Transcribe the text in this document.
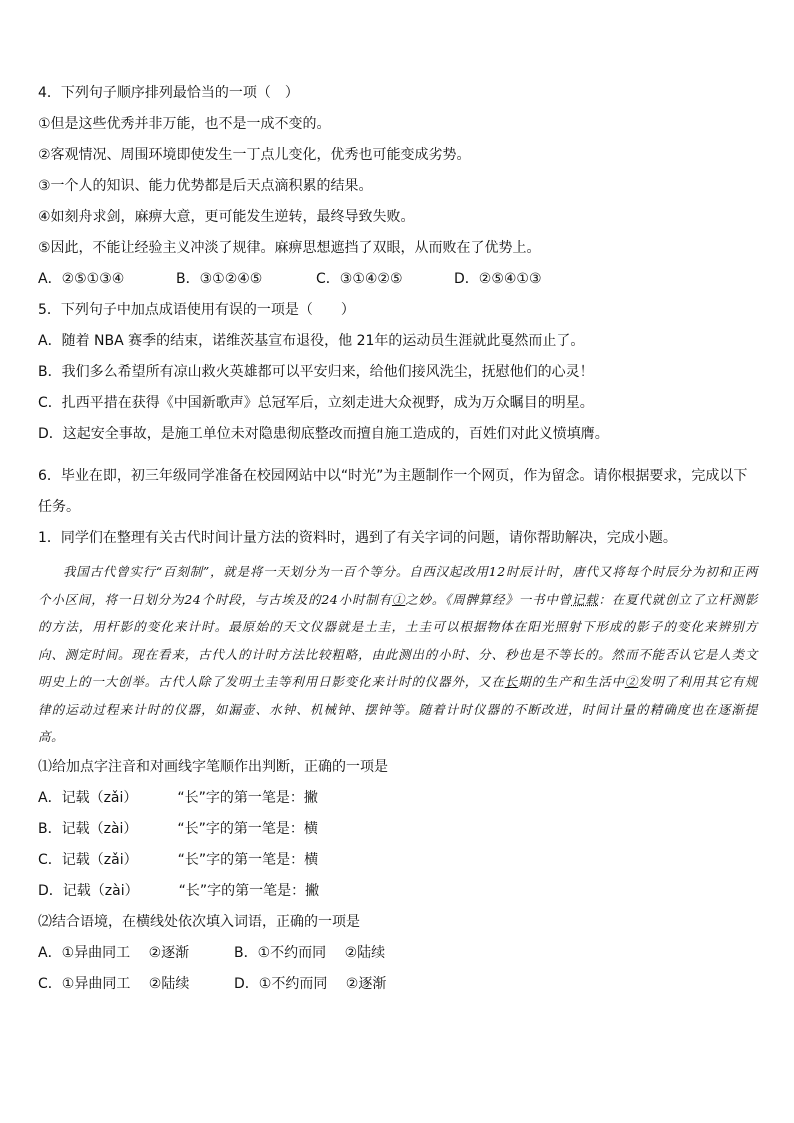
4．下列句子顺序排列最恰当的一项（　）
①但是这些优秀并非万能，也不是一成不变的。
②客观情况、周围环境即使发生一丁点儿变化，优秀也可能变成劣势。
③一个人的知识、能力优势都是后天点滴积累的结果。
④如刻舟求剑，麻痹大意，更可能发生逆转，最终导致失败。
⑤因此，不能让经验主义冲淡了规律。麻痹思想遮挡了双眼，从而败在了优势上。
A．②⑤①③④	B．③①②④⑤	C．③①④②⑤	D．②⑤④①③
5．下列句子中加点成语使用有误的一项是（　　）
A．随着 NBA 赛季的结束，诺维茨基宣布退役，他 21年的运动员生涯就此戛然而止了。
B．我们多么希望所有凉山救火英雄都可以平安归来，给他们接风洗尘，抚慰他们的心灵！
C．扎西平措在获得《中国新歌声》总冠军后，立刻走进大众视野，成为万众瞩目的明星。
D．这起安全事故，是施工单位未对隐患彻底整改而擅自施工造成的，百姓们对此义愤填膺。
6．毕业在即，初三年级同学准备在校园网站中以“时光”为主题制作一个网页，作为留念。请你根据要求，完成以下
任务。
1．同学们在整理有关古代时间计量方法的资料时，遇到了有关字词的问题，请你帮助解决，完成小题。
我国古代曾实行“百刻制”，就是将一天划分为一百个等分。自西汉起改用12时辰计时，唐代又将每个时辰分为初和正两个小区间，将一日划分为24个时段，与古埃及的24小时制有①之妙。《周髀算经》一书中曾记载：在夏代就创立了立杆测影的方法，用杆影的变化来计时。最原始的天文仪器就是土圭，土圭可以根据物体在阳光照射下形成的影子的变化来辨别方向、测定时间。现在看来，古代人的计时方法比较粗略，由此测出的小时、分、秒也是不等长的。然而不能否认它是人类文明史上的一大创举。古代人除了发明土圭等利用日影变化来计时的仪器外，又在长期的生产和生活中②发明了利用其它有规律的运动过程来计时的仪器，如漏壶、水钟、机械钟、摆钟等。随着计时仪器的不断改进，时间计量的精确度也在逐渐提高。
⑴给加点字注音和对画线字笔顺作出判断，正确的一项是
A．记载（zǎi）	“长”字的第一笔是：撇
B．记载（zài）	“长”字的第一笔是：横
C．记载（zǎi）	“长”字的第一笔是：横
D．记载（zài）	“长”字的第一笔是：撇
⑵结合语境，在横线处依次填入词语，正确的一项是
A．①异曲同工　 ②逐渐	B．①不约而同　 ②陆续
C．①异曲同工　 ②陆续	D．①不约而同　 ②逐渐
